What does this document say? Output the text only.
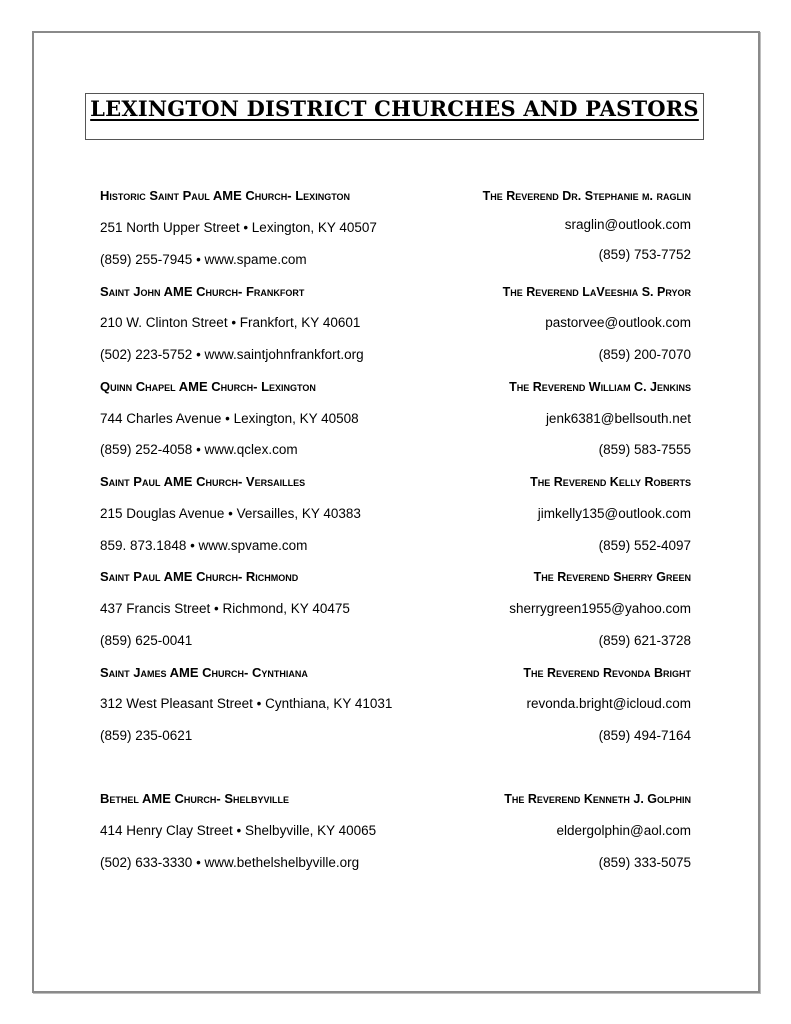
LEXINGTON DISTRICT CHURCHES AND PASTORS
Historic Saint Paul AME Church- Lexington	The Reverend Dr. Stephanie m. raglin
251 North Upper Street • Lexington, KY 40507	sraglin@outlook.com
(859) 255-7945 • www.spame.com	(859) 753-7752
Saint John AME Church- Frankfort	The Reverend LaVeeshia S. Pryor
210 W. Clinton Street • Frankfort, KY 40601	pastorvee@outlook.com
(502) 223-5752 • www.saintjohnfrankfort.org	(859) 200-7070
Quinn Chapel AME Church- Lexington	The Reverend William C. Jenkins
744 Charles Avenue • Lexington, KY 40508	jenk6381@bellsouth.net
(859) 252-4058 • www.qclex.com	(859) 583-7555
Saint Paul AME Church- Versailles	The Reverend Kelly Roberts
215 Douglas Avenue • Versailles, KY 40383	jimkelly135@outlook.com
859. 873.1848 • www.spvame.com	(859) 552-4097
Saint Paul AME Church- Richmond	The Reverend Sherry Green
437 Francis Street • Richmond, KY 40475	sherrygreen1955@yahoo.com
(859) 625-0041	(859) 621-3728
Saint James AME Church- Cynthiana	The Reverend Revonda Bright
312 West Pleasant Street • Cynthiana, KY 41031	revonda.bright@icloud.com
(859) 235-0621	(859) 494-7164
Bethel AME Church- Shelbyville	The Reverend Kenneth J. Golphin
414 Henry Clay Street • Shelbyville, KY 40065	eldergolphin@aol.com
(502) 633-3330 • www.bethelshelbyville.org	(859) 333-5075
